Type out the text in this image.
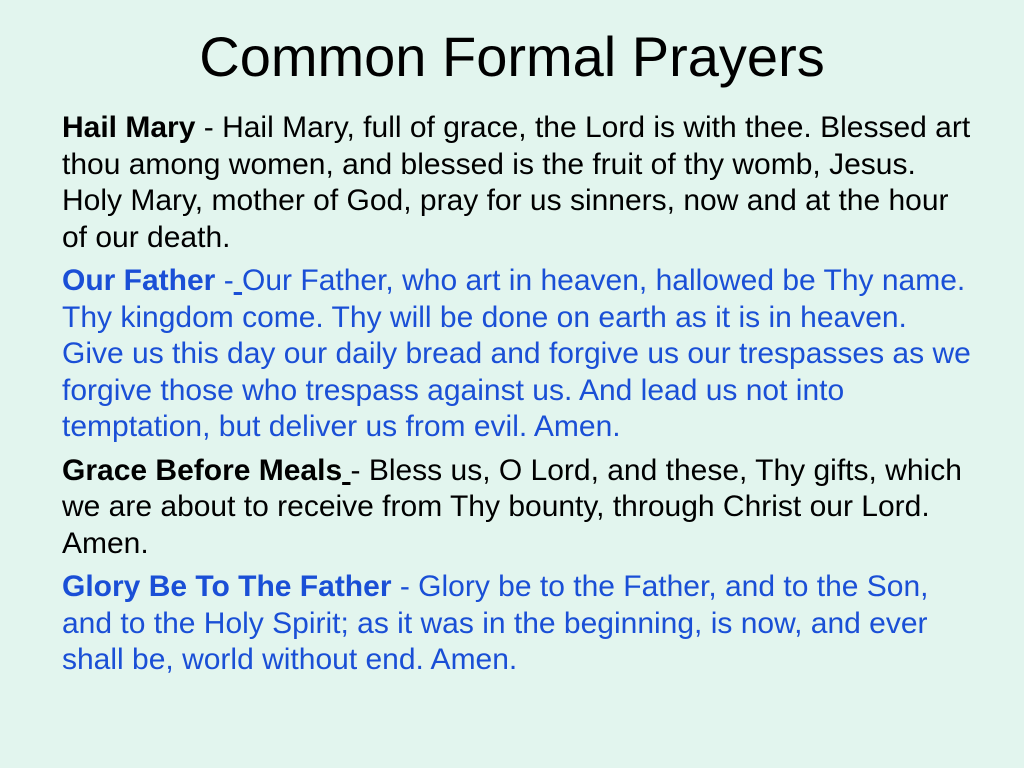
Common Formal Prayers

Hail Mary - Hail Mary, full of grace, the Lord is with thee. Blessed art thou among women, and blessed is the fruit of thy womb, Jesus. Holy Mary, mother of God, pray for us sinners, now and at the hour of our death.

Our Father - Our Father, who art in heaven, hallowed be Thy name. Thy kingdom come. Thy will be done on earth as it is in heaven. Give us this day our daily bread and forgive us our trespasses as we forgive those who trespass against us. And lead us not into temptation, but deliver us from evil. Amen.

Grace Before Meals - Bless us, O Lord, and these, Thy gifts, which we are about to receive from Thy bounty, through Christ our Lord. Amen.

Glory Be To The Father - Glory be to the Father, and to the Son, and to the Holy Spirit; as it was in the beginning, is now, and ever shall be, world without end. Amen.
